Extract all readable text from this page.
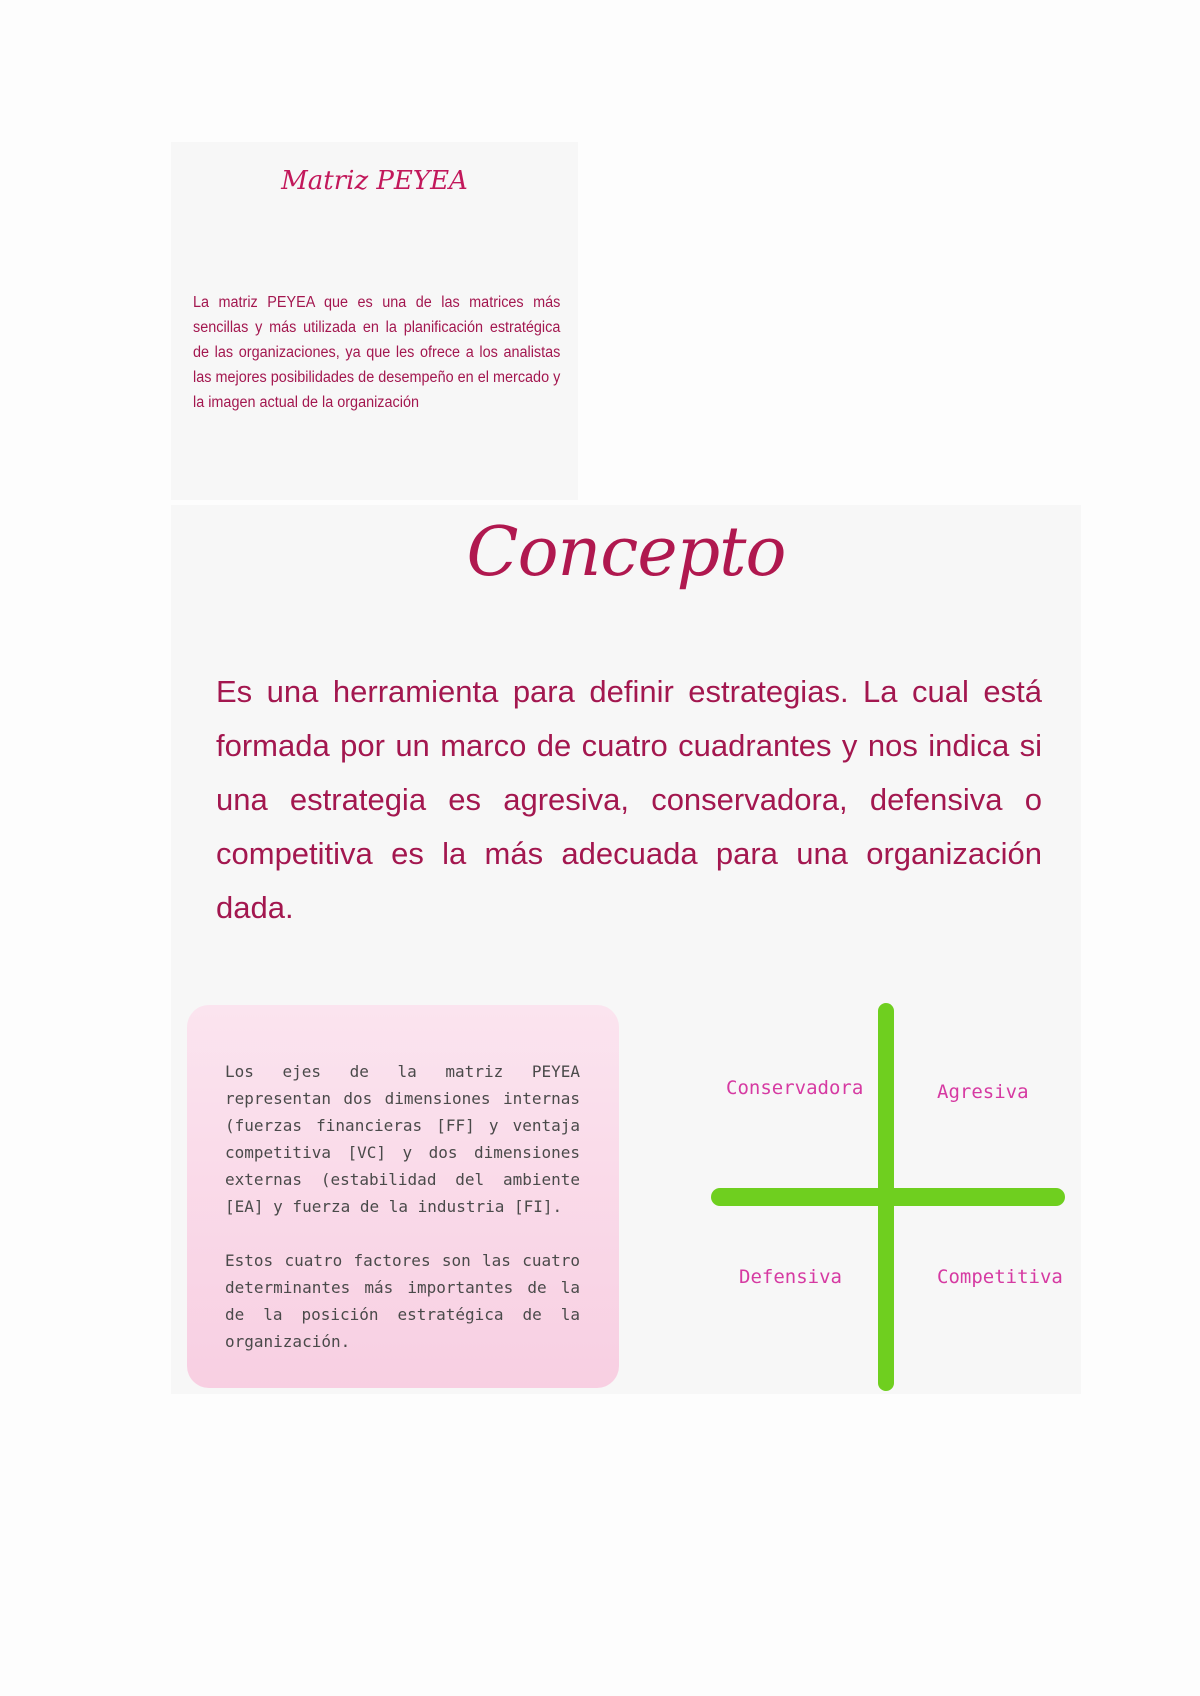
Matriz PEYEA
La matriz PEYEA que es una de las matrices más sencillas y más utilizada en la planificación estratégica de las organizaciones, ya que les ofrece a los analistas las mejores posibilidades de desempeño en el mercado y la imagen actual de la organización
Concepto
Es una herramienta para definir estrategias. La cual está formada por un marco de cuatro cuadrantes y nos indica si una estrategia es agresiva, conservadora, defensiva o competitiva es la más adecuada para una organización dada.

Los ejes de la matriz PEYEA representan dos dimensiones internas (fuerzas financieras [FF] y ventaja competitiva [VC] y dos dimensiones externas (estabilidad del ambiente [EA] y fuerza de la industria [FI].

Estos cuatro factores son las cuatro determinantes más importantes de la de la posición estratégica de la organización.

Conservadora	Agresiva
Defensiva	Competitiva
